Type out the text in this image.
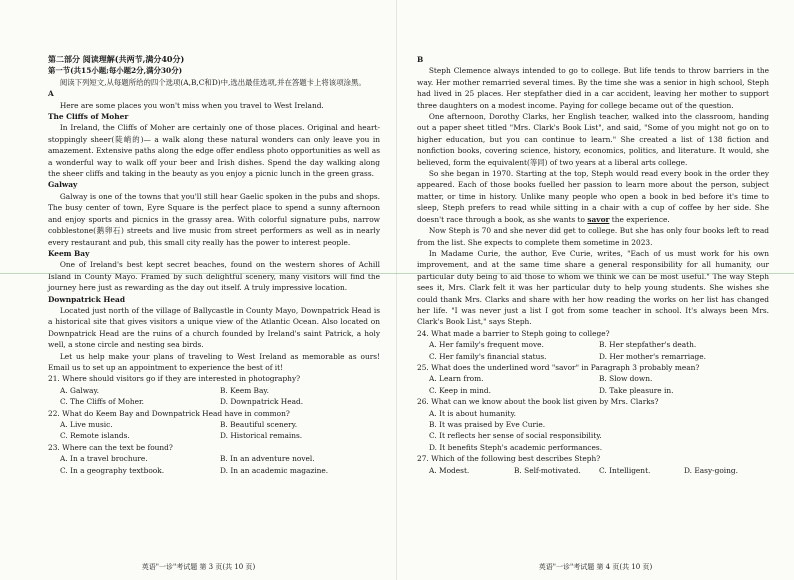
第二部分 阅读理解(共两节,满分40分)

第一节(共15小题;每小题2分,满分30分)

阅读下列短文,从每题所给的四个选项(A,B,C和D)中,选出最佳选项,并在答题卡上将该项涂黑。

A

Here are some places you won't miss when you travel to West Ireland.

The Cliffs of Moher

In Ireland, the Cliffs of Moher are certainly one of those places. Original and heart-stoppingly sheer(陡峭的)— a walk along these natural wonders can only leave you in amazement. Extensive paths along the edge offer endless photo opportunities as well as a wonderful way to walk off your beer and Irish dishes. Spend the day walking along the sheer cliffs and taking in the beauty as you enjoy a picnic lunch in the green grass.

Galway

Galway is one of the towns that you'll still hear Gaelic spoken in the pubs and shops. The busy center of town, Eyre Square is the perfect place to spend a sunny afternoon and enjoy sports and picnics in the grassy area. With colorful signature pubs, narrow cobblestone(鹅卵石) streets and live music from street performers as well as in nearly every restaurant and pub, this small city really has the power to interest people.

Keem Bay

One of Ireland's best kept secret beaches, found on the western shores of Achill Island in County Mayo. Framed by such delightful scenery, many visitors will find the journey here just as rewarding as the day out itself. A truly impressive location.

Downpatrick Head

Located just north of the village of Ballycastle in County Mayo, Downpatrick Head is a historical site that gives visitors a unique view of the Atlantic Ocean. Also located on Downpatrick Head are the ruins of a church founded by Ireland's saint Patrick, a holy well, a stone circle and nesting sea birds.

Let us help make your plans of traveling to West Ireland as memorable as ours! Email us to set up an appointment to experience the best of it!

21. Where should visitors go if they are interested in photography?

A. Galway.	B. Keem Bay.
C. The Cliffs of Moher.	D. Downpatrick Head.

22. What do Keem Bay and Downpatrick Head have in common?

A. Live music.	B. Beautiful scenery.
C. Remote islands.	D. Historical remains.

23. Where can the text be found?

A. In a travel brochure.	B. In an adventure novel.
C. In a geography textbook.	D. In an academic magazine.
英语"一诊"考试题 第 3 页(共 10 页)

B

Steph Clemence always intended to go to college. But life tends to throw barriers in the way. Her mother remarried several times. By the time she was a senior in high school, Steph had lived in 25 places. Her stepfather died in a car accident, leaving her mother to support three daughters on a modest income. Paying for college became out of the question.

One afternoon, Dorothy Clarks, her English teacher, walked into the classroom, handing out a paper sheet titled "Mrs. Clark's Book List", and said, "Some of you might not go on to higher education, but you can continue to learn." She created a list of 138 fiction and nonfiction books, covering science, history, economics, politics, and literature. It would, she believed, form the equivalent(等同) of two years at a liberal arts college.

So she began in 1970. Starting at the top, Steph would read every book in the order they appeared. Each of those books fuelled her passion to learn more about the person, subject matter, or time in history. Unlike many people who open a book in bed before it's time to sleep, Steph prefers to read while sitting in a chair with a cup of coffee by her side. She doesn't race through a book, as she wants to savor the experience.

Now Steph is 70 and she never did get to college. But she has only four books left to read from the list. She expects to complete them sometime in 2023.

In Madame Curie, the author, Eve Curie, writes, "Each of us must work for his own improvement, and at the same time share a general responsibility for all humanity, our particular duty being to aid those to whom we think we can be most useful." The way Steph sees it, Mrs. Clark felt it was her particular duty to help young students. She wishes she could thank Mrs. Clarks and share with her how reading the works on her list has changed her life. "I was never just a list I got from some teacher in school. It's always been Mrs. Clark's Book List," says Steph.

24. What made a barrier to Steph going to college?

A. Her family's frequent move.	B. Her stepfather's death.
C. Her family's financial status.	D. Her mother's remarriage.

25. What does the underlined word "savor" in Paragraph 3 probably mean?

A. Learn from.	B. Slow down.
C. Keep in mind.	D. Take pleasure in.

26. What can we know about the book list given by Mrs. Clarks?

A. It is about humanity.
B. It was praised by Eve Curie.
C. It reflects her sense of social responsibility.
D. It benefits Steph's academic performances.

27. Which of the following best describes Steph?

A. Modest.	B. Self-motivated.	C. Intelligent.	D. Easy-going.
英语"一诊"考试题 第 4 页(共 10 页)
